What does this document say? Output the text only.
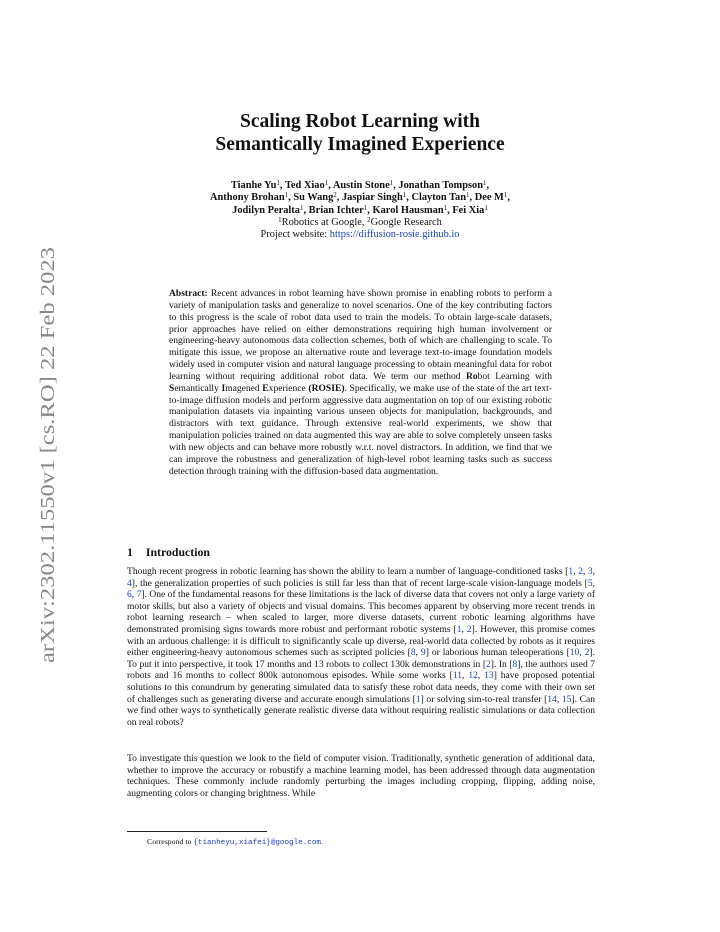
arXiv:2302.11550v1 [cs.RO] 22 Feb 2023
Scaling Robot Learning with
Semantically Imagined Experience
Tianhe Yu$^1$, Ted Xiao$^1$, Austin Stone$^1$, Jonathan Tompson$^1$,
Anthony Brohan$^1$, Su Wang$^2$, Jaspiar Singh$^1$, Clayton Tan$^1$, Dee $M^1$,
Jodilyn Peralta$^1$, Brian Ichter$^1$, Karol Hausman$^1$, Fei Xia$^1$
$^1$Robotics at Google, $^2$Google Research
Project website: https://diffusion-rosie.github.io
Abstract: Recent advances in robot learning have shown promise in enabling robots to perform a variety of manipulation tasks and generalize to novel scenarios. One of the key contributing factors to this progress is the scale of robot data used to train the models. To obtain large-scale datasets, prior approaches have relied on either demonstrations requiring high human involvement or engineering-heavy autonomous data collection schemes, both of which are challenging to scale. To mitigate this issue, we propose an alternative route and leverage text-to-image foundation models widely used in computer vision and natural language processing to obtain meaningful data for robot learning without requiring additional robot data. We term our method Robot Learning with Semantically Imagened Experience (ROSIE). Specifically, we make use of the state of the art text-to-image diffusion models and perform aggressive data augmentation on top of our existing robotic manipulation datasets via inpainting various unseen objects for manipulation, backgrounds, and distractors with text guidance. Through extensive real-world experiments, we show that manipulation policies trained on data augmented this way are able to solve completely unseen tasks with new objects and can behave more robustly w.r.t. novel distractors. In addition, we find that we can improve the robustness and generalization of high-level robot learning tasks such as success detection through training with the diffusion-based data augmentation.
1 Introduction
Though recent progress in robotic learning has shown the ability to learn a number of language-conditioned tasks [1, 2, 3, 4], the generalization properties of such policies is still far less than that of recent large-scale vision-language models [5, 6, 7]. One of the fundamental reasons for these limitations is the lack of diverse data that covers not only a large variety of motor skills, but also a variety of objects and visual domains. This becomes apparent by observing more recent trends in robot learning research – when scaled to larger, more diverse datasets, current robotic learning algorithms have demonstrated promising signs towards more robust and performant robotic systems [1, 2]. However, this promise comes with an arduous challenge: it is difficult to significantly scale up diverse, real-world data collected by robots as it requires either engineering-heavy autonomous schemes such as scripted policies [8, 9] or laborious human teleoperations [10, 2]. To put it into perspective, it took 17 months and 13 robots to collect 130k demonstrations in [2]. In [8], the authors used 7 robots and 16 months to collect 800k autonomous episodes. While some works [11, 12, 13] have proposed potential solutions to this conundrum by generating simulated data to satisfy these robot data needs, they come with their own set of challenges such as generating diverse and accurate enough simulations [1] or solving sim-to-real transfer [14, 15]. Can we find other ways to synthetically generate realistic diverse data without requiring realistic simulations or data collection on real robots?
To investigate this question we look to the field of computer vision. Traditionally, synthetic generation of additional data, whether to improve the accuracy or robustify a machine learning model, has been addressed through data augmentation techniques. These commonly include randomly perturbing the images including cropping, flipping, adding noise, augmenting colors or changing brightness. While
Correspond to {tianheyu,xiafei}@google.com.
